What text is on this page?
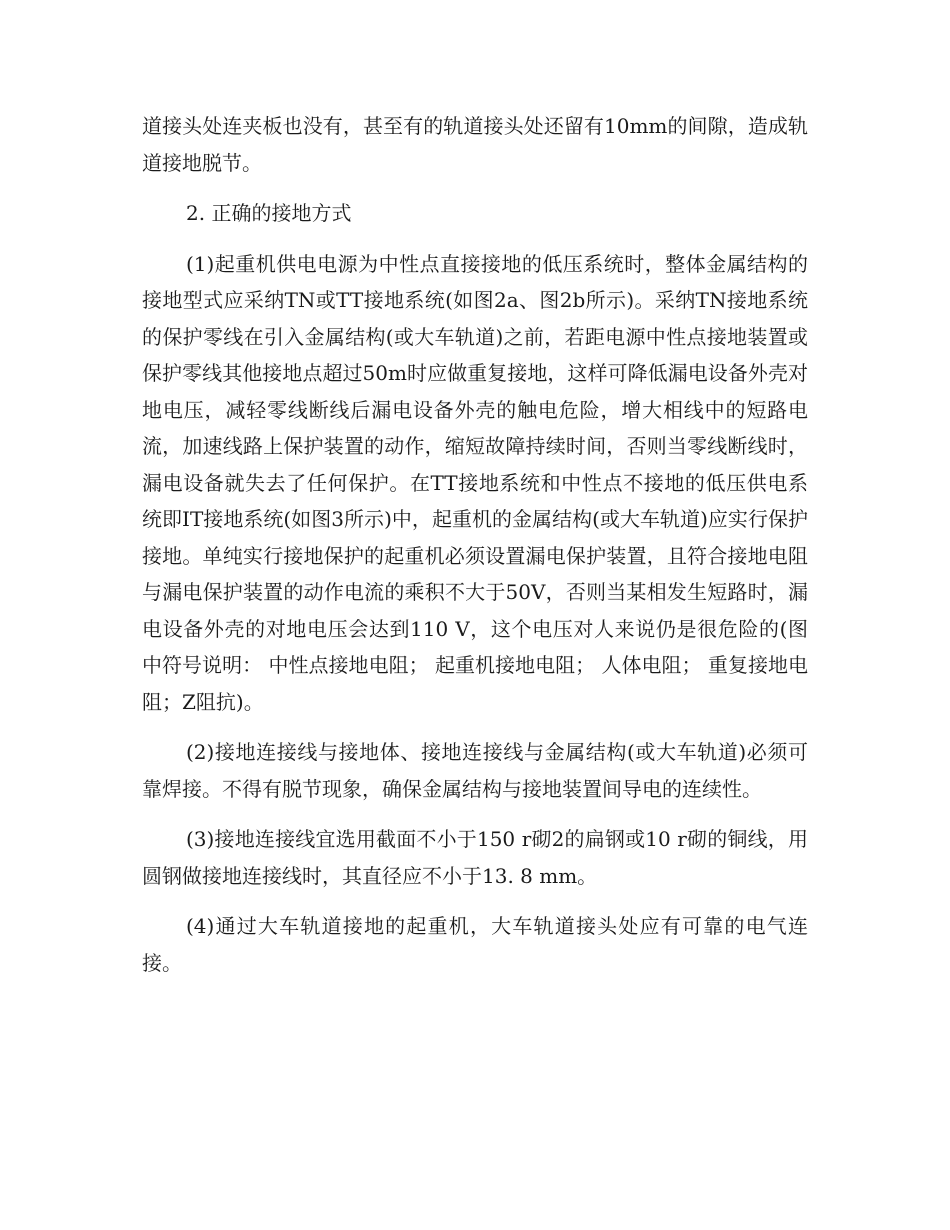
道接头处连夹板也没有，甚至有的轨道接头处还留有10mm的间隙，造成轨道接地脱节。

2. 正确的接地方式

(1)起重机供电电源为中性点直接接地的低压系统时，整体金属结构的接地型式应采纳TN或TT接地系统(如图2a、图2b所示)。采纳TN接地系统的保护零线在引入金属结构(或大车轨道)之前，若距电源中性点接地装置或保护零线其他接地点超过50m时应做重复接地，这样可降低漏电设备外壳对地电压，减轻零线断线后漏电设备外壳的触电危险，增大相线中的短路电流，加速线路上保护装置的动作，缩短故障持续时间，否则当零线断线时，漏电设备就失去了任何保护。在TT接地系统和中性点不接地的低压供电系统即IT接地系统(如图3所示)中，起重机的金属结构(或大车轨道)应实行保护接地。单纯实行接地保护的起重机必须设置漏电保护装置，且符合接地电阻与漏电保护装置的动作电流的乘积不大于50V，否则当某相发生短路时，漏电设备外壳的对地电压会达到110 V，这个电压对人来说仍是很危险的(图中符号说明： 中性点接地电阻； 起重机接地电阻； 人体电阻； 重复接地电阻；Z阻抗)。

(2)接地连接线与接地体、接地连接线与金属结构(或大车轨道)必须可靠焊接。不得有脱节现象，确保金属结构与接地装置间导电的连续性。

(3)接地连接线宜选用截面不小于150 r砌2的扁钢或10 r砌的铜线，用圆钢做接地连接线时，其直径应不小于13. 8 mm。

(4)通过大车轨道接地的起重机，大车轨道接头处应有可靠的电气连接。
